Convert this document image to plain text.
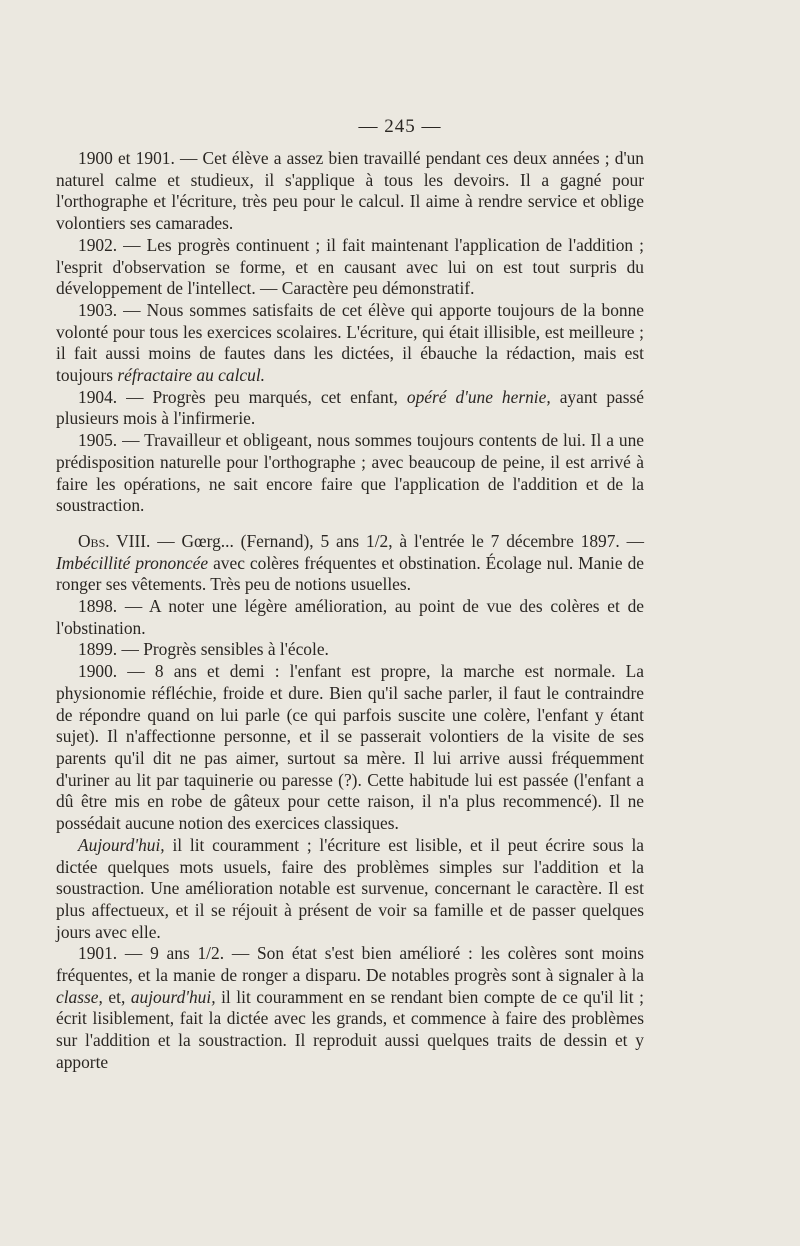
— 245 —

1900 et 1901. — Cet élève a assez bien travaillé pendant ces deux années ; d'un naturel calme et studieux, il s'applique à tous les devoirs. Il a gagné pour l'orthographe et l'écriture, très peu pour le calcul. Il aime à rendre service et oblige volontiers ses camarades.

1902. — Les progrès continuent ; il fait maintenant l'application de l'addition ; l'esprit d'observation se forme, et en causant avec lui on est tout surpris du développement de l'intellect. — Caractère peu démonstratif.

1903. — Nous sommes satisfaits de cet élève qui apporte toujours de la bonne volonté pour tous les exercices scolaires. L'écriture, qui était illisible, est meilleure ; il fait aussi moins de fautes dans les dictées, il ébauche la rédaction, mais est toujours réfractaire au calcul.

1904. — Progrès peu marqués, cet enfant, opéré d'une hernie, ayant passé plusieurs mois à l'infirmerie.

1905. — Travailleur et obligeant, nous sommes toujours contents de lui. Il a une prédisposition naturelle pour l'orthographe ; avec beaucoup de peine, il est arrivé à faire les opérations, ne sait encore faire que l'application de l'addition et de la soustraction.

Obs. VIII. — Gœrg... (Fernand), 5 ans 1/2, à l'entrée le 7 décembre 1897. — Imbécillité prononcée avec colères fréquentes et obstination. Écolage nul. Manie de ronger ses vêtements. Très peu de notions usuelles.

1898. — A noter une légère amélioration, au point de vue des colères et de l'obstination.

1899. — Progrès sensibles à l'école.

1900. — 8 ans et demi : l'enfant est propre, la marche est normale. La physionomie réfléchie, froide et dure. Bien qu'il sache parler, il faut le contraindre de répondre quand on lui parle (ce qui parfois suscite une colère, l'enfant y étant sujet). Il n'affectionne personne, et il se passerait volontiers de la visite de ses parents qu'il dit ne pas aimer, surtout sa mère. Il lui arrive aussi fréquemment d'uriner au lit par taquinerie ou paresse (?). Cette habitude lui est passée (l'enfant a dû être mis en robe de gâteux pour cette raison, il n'a plus recommencé). Il ne possédait aucune notion des exercices classiques.

Aujourd'hui, il lit couramment ; l'écriture est lisible, et il peut écrire sous la dictée quelques mots usuels, faire des problèmes simples sur l'addition et la soustraction. Une amélioration notable est survenue, concernant le caractère. Il est plus affectueux, et il se réjouit à présent de voir sa famille et de passer quelques jours avec elle.

1901. — 9 ans 1/2. — Son état s'est bien amélioré : les colères sont moins fréquentes, et la manie de ronger a disparu. De notables progrès sont à signaler à la classe, et, aujourd'hui, il lit couramment en se rendant bien compte de ce qu'il lit ; écrit lisiblement, fait la dictée avec les grands, et commence à faire des problèmes sur l'addition et la soustraction. Il reproduit aussi quelques traits de dessin et y apporte
